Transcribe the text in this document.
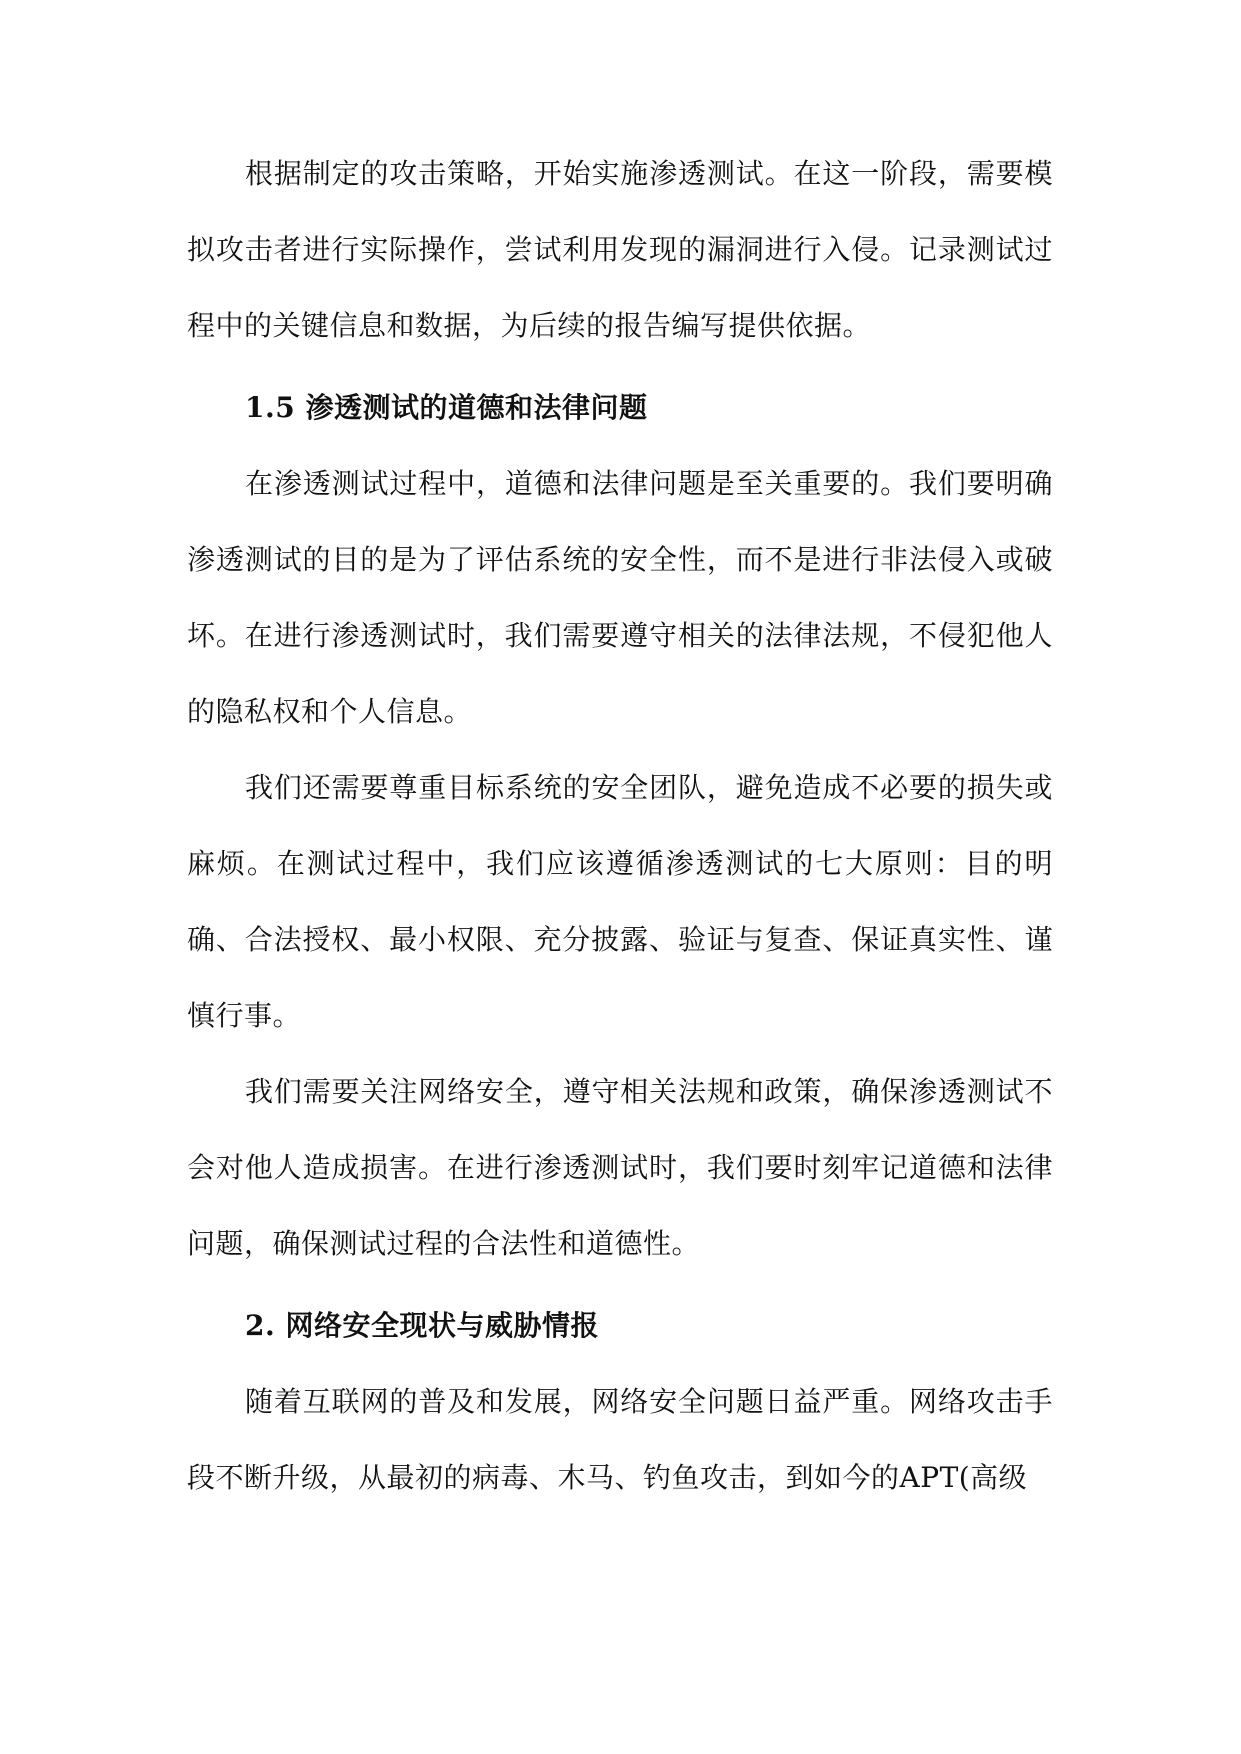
根据制定的攻击策略，开始实施渗透测试。在这一阶段，需要模拟攻击者进行实际操作，尝试利用发现的漏洞进行入侵。记录测试过程中的关键信息和数据，为后续的报告编写提供依据。

1.5 渗透测试的道德和法律问题

在渗透测试过程中，道德和法律问题是至关重要的。我们要明确渗透测试的目的是为了评估系统的安全性，而不是进行非法侵入或破坏。在进行渗透测试时，我们需要遵守相关的法律法规，不侵犯他人的隐私权和个人信息。

我们还需要尊重目标系统的安全团队，避免造成不必要的损失或麻烦。在测试过程中，我们应该遵循渗透测试的七大原则：目的明确、合法授权、最小权限、充分披露、验证与复查、保证真实性、谨慎行事。

我们需要关注网络安全，遵守相关法规和政策，确保渗透测试不会对他人造成损害。在进行渗透测试时，我们要时刻牢记道德和法律问题，确保测试过程的合法性和道德性。

2. 网络安全现状与威胁情报

随着互联网的普及和发展，网络安全问题日益严重。网络攻击手段不断升级，从最初的病毒、木马、钓鱼攻击，到如今的APT(高级
